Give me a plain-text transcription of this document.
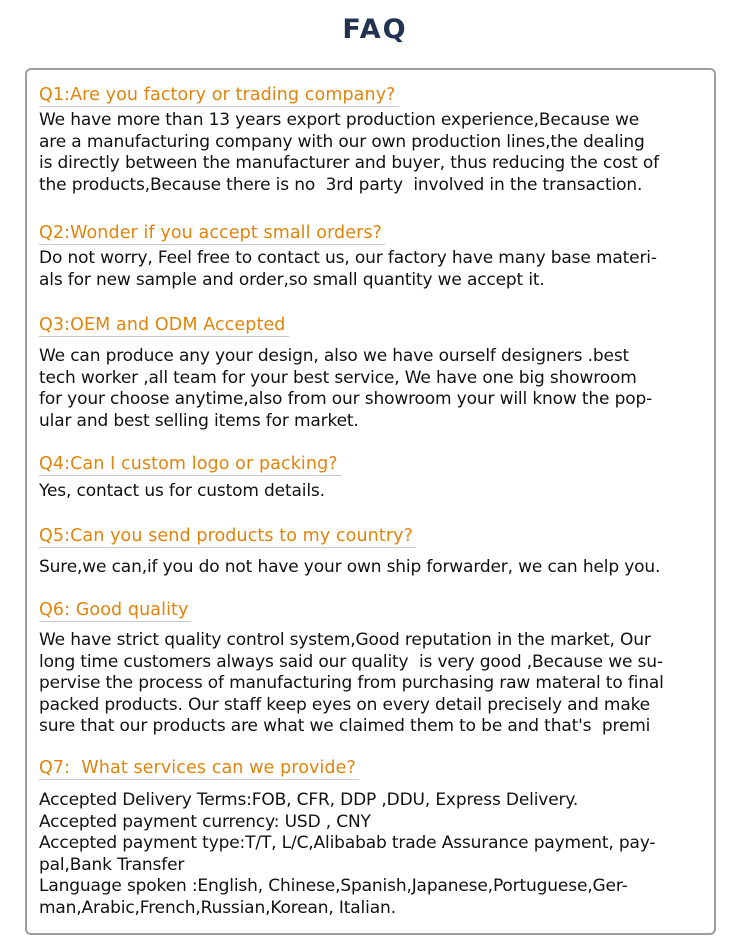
FAQ
Q1:Are you factory or trading company?
We have more than 13 years export production experience,Because we
are a manufacturing company with our own production lines,the dealing
is directly between the manufacturer and buyer, thus reducing the cost of
the products,Because there is no  3rd party  involved in the transaction.
Q2:Wonder if you accept small orders?
Do not worry, Feel free to contact us, our factory have many base materi-
als for new sample and order,so small quantity we accept it.
Q3:OEM and ODM Accepted
We can produce any your design, also we have ourself designers .best
tech worker ,all team for your best service, We have one big showroom
for your choose anytime,also from our showroom your will know the pop-
ular and best selling items for market.
Q4:Can I custom logo or packing?
Yes, contact us for custom details.
Q5:Can you send products to my country?
Sure,we can,if you do not have your own ship forwarder, we can help you.
Q6: Good quality
We have strict quality control system,Good reputation in the market, Our
long time customers always said our quality  is very good ,Because we su-
pervise the process of manufacturing from purchasing raw materal to final
packed products. Our staff keep eyes on every detail precisely and make
sure that our products are what we claimed them to be and that's  premi
Q7:  What services can we provide?
Accepted Delivery Terms:FOB, CFR, DDP ,DDU, Express Delivery.
Accepted payment currency: USD , CNY
Accepted payment type:T/T, L/C,Alibabab trade Assurance payment, pay-
pal,Bank Transfer
Language spoken :English, Chinese,Spanish,Japanese,Portuguese,Ger-
man,Arabic,French,Russian,Korean, Italian.
